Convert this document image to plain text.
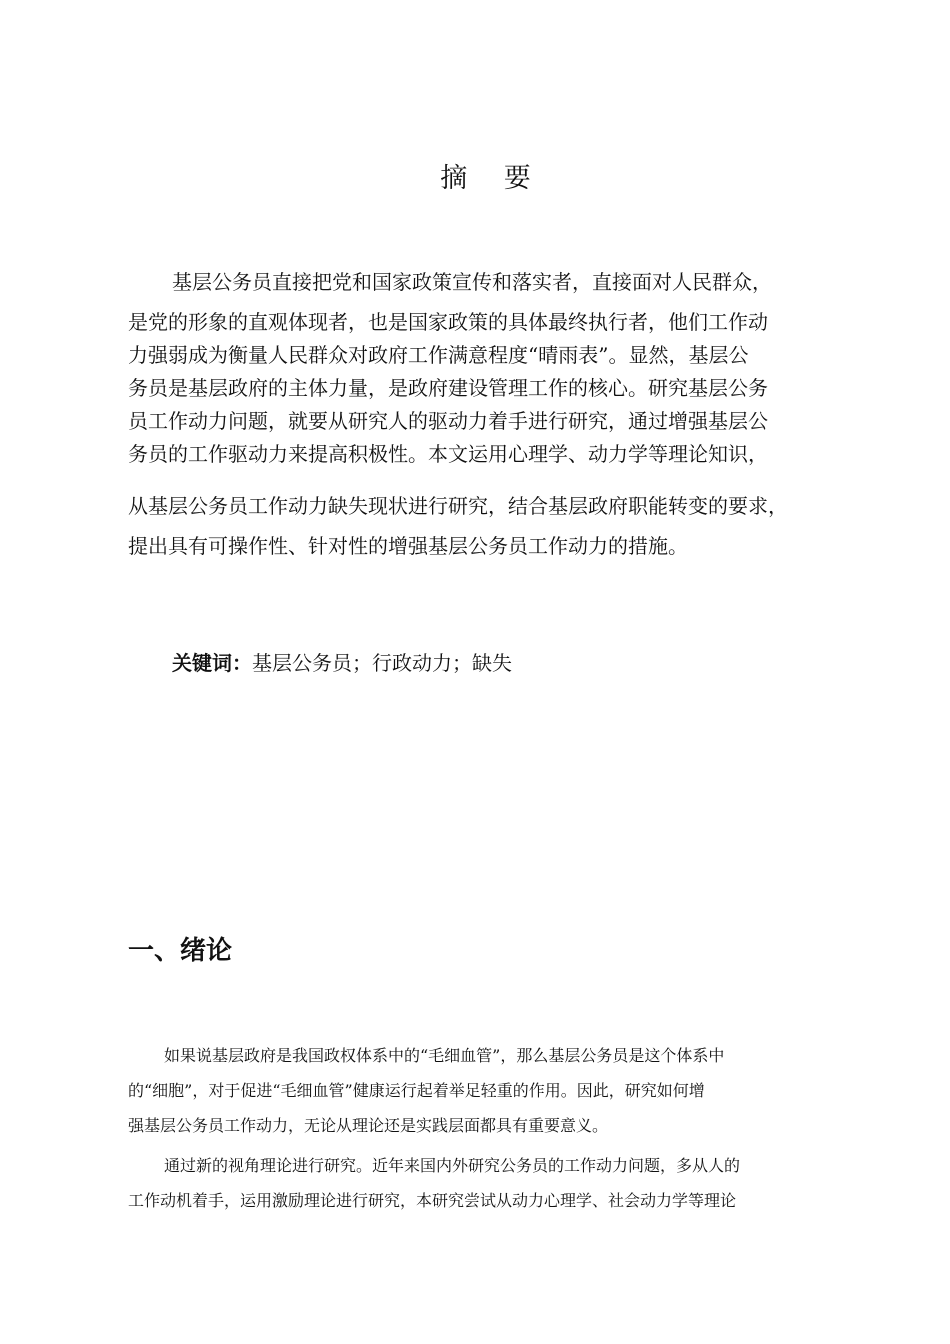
摘 要
基层公务员直接把党和国家政策宣传和落实者，直接面对人民群众，
是党的形象的直观体现者，也是国家政策的具体最终执行者，他们工作动
力强弱成为衡量人民群众对政府工作满意程度“晴雨表”。显然，基层公
务员是基层政府的主体力量，是政府建设管理工作的核心。研究基层公务
员工作动力问题，就要从研究人的驱动力着手进行研究，通过增强基层公
务员的工作驱动力来提高积极性。本文运用心理学、动力学等理论知识，
从基层公务员工作动力缺失现状进行研究，结合基层政府职能转变的要求，
提出具有可操作性、针对性的增强基层公务员工作动力的措施。
关键词：基层公务员；行政动力；缺失
一、绪论
如果说基层政府是我国政权体系中的“毛细血管”，那么基层公务员是这个体系中
的“细胞”，对于促进“毛细血管”健康运行起着举足轻重的作用。因此，研究如何增
强基层公务员工作动力，无论从理论还是实践层面都具有重要意义。
通过新的视角理论进行研究。近年来国内外研究公务员的工作动力问题，多从人的
工作动机着手，运用激励理论进行研究，本研究尝试从动力心理学、社会动力学等理论
